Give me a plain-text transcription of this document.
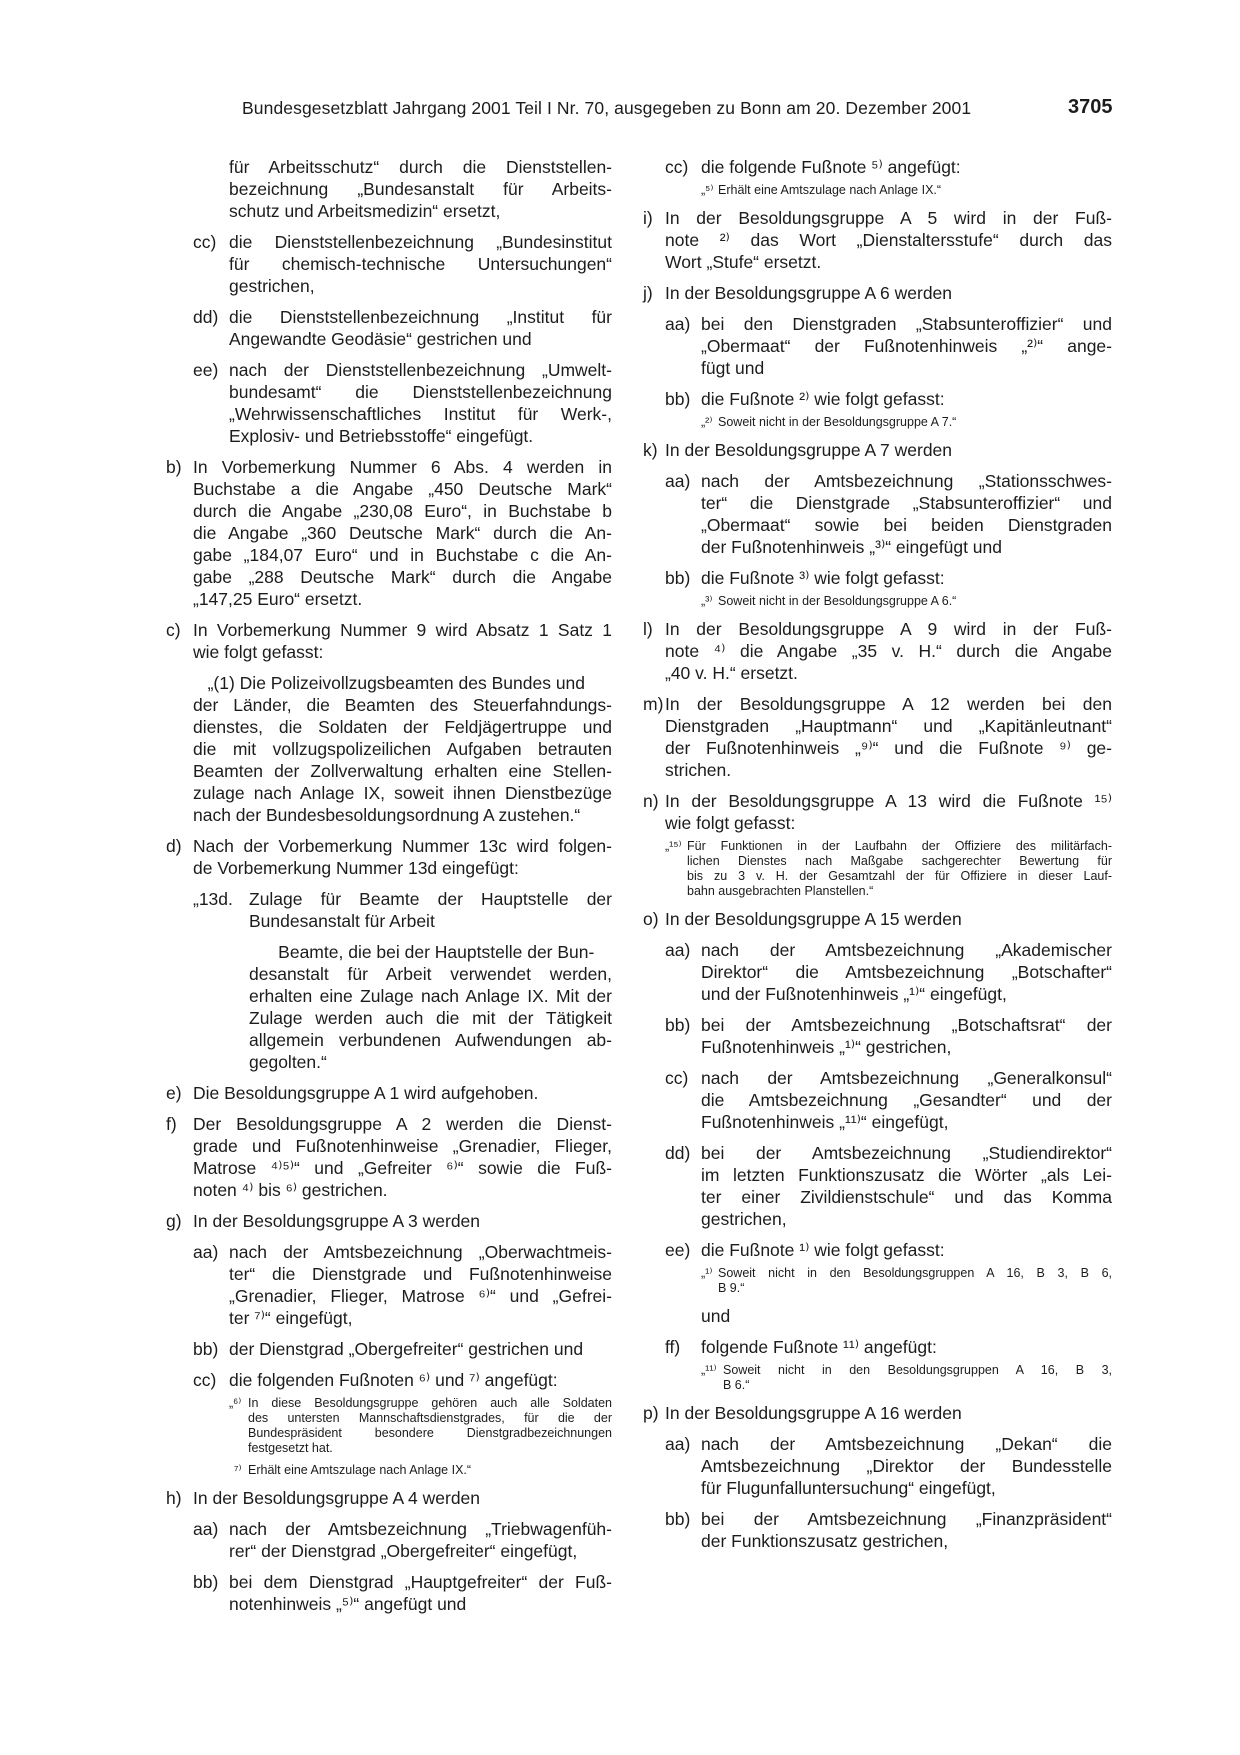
Bundesgesetzblatt Jahrgang 2001 Teil I Nr. 70, ausgegeben zu Bonn am 20. Dezember 2001	3705
für Arbeitsschutz“ durch die Dienststellen-
bezeichnung „Bundesanstalt für Arbeits-
schutz und Arbeitsmedizin“ ersetzt,
cc) die Dienststellenbezeichnung „Bundesinstitut
für chemisch-technische Untersuchungen“
gestrichen,
dd) die Dienststellenbezeichnung „Institut für
Angewandte Geodäsie“ gestrichen und
ee) nach der Dienststellenbezeichnung „Umwelt-
bundesamt“ die Dienststellenbezeichnung
„Wehrwissenschaftliches Institut für Werk-,
Explosiv- und Betriebsstoffe“ eingefügt.
b) In Vorbemerkung Nummer 6 Abs. 4 werden in
Buchstabe a die Angabe „450 Deutsche Mark“
durch die Angabe „230,08 Euro“, in Buchstabe b
die Angabe „360 Deutsche Mark“ durch die An-
gabe „184,07 Euro“ und in Buchstabe c die An-
gabe „288 Deutsche Mark“ durch die Angabe
„147,25 Euro“ ersetzt.
c) In Vorbemerkung Nummer 9 wird Absatz 1 Satz 1
wie folgt gefasst:
„(1) Die Polizeivollzugsbeamten des Bundes und
der Länder, die Beamten des Steuerfahndungs-
dienstes, die Soldaten der Feldjägertruppe und
die mit vollzugspolizeilichen Aufgaben betrauten
Beamten der Zollverwaltung erhalten eine Stellen-
zulage nach Anlage IX, soweit ihnen Dienstbezüge
nach der Bundesbesoldungsordnung A zustehen.“
d) Nach der Vorbemerkung Nummer 13c wird folgen-
de Vorbemerkung Nummer 13d eingefügt:
„13d. Zulage für Beamte der Hauptstelle der
Bundesanstalt für Arbeit
Beamte, die bei der Hauptstelle der Bun-
desanstalt für Arbeit verwendet werden,
erhalten eine Zulage nach Anlage IX. Mit der
Zulage werden auch die mit der Tätigkeit
allgemein verbundenen Aufwendungen ab-
gegolten.“
e) Die Besoldungsgruppe A 1 wird aufgehoben.
f) Der Besoldungsgruppe A 2 werden die Dienst-
grade und Fußnotenhinweise „Grenadier, Flieger,
Matrose ⁴⁾⁵⁾“ und „Gefreiter ⁶⁾“ sowie die Fuß-
noten ⁴⁾ bis ⁶⁾ gestrichen.
g) In der Besoldungsgruppe A 3 werden
aa) nach der Amtsbezeichnung „Oberwachtmeis-
ter“ die Dienstgrade und Fußnotenhinweise
„Grenadier, Flieger, Matrose ⁶⁾“ und „Gefrei-
ter ⁷⁾“ eingefügt,
bb) der Dienstgrad „Obergefreiter“ gestrichen und
cc) die folgenden Fußnoten ⁶⁾ und ⁷⁾ angefügt:
„⁶⁾ In diese Besoldungsgruppe gehören auch alle Soldaten
des untersten Mannschaftsdienstgrades, für die der
Bundespräsident besondere Dienstgradbezeichnungen
festgesetzt hat.
⁷⁾ Erhält eine Amtszulage nach Anlage IX.“
h) In der Besoldungsgruppe A 4 werden
aa) nach der Amtsbezeichnung „Triebwagenfüh-
rer“ der Dienstgrad „Obergefreiter“ eingefügt,
bb) bei dem Dienstgrad „Hauptgefreiter“ der Fuß-
notenhinweis „⁵⁾“ angefügt und
cc) die folgende Fußnote ⁵⁾ angefügt:
„⁵⁾ Erhält eine Amtszulage nach Anlage IX.“
i) In der Besoldungsgruppe A 5 wird in der Fuß-
note ²⁾ das Wort „Dienstaltersstufe“ durch das
Wort „Stufe“ ersetzt.
j) In der Besoldungsgruppe A 6 werden
aa) bei den Dienstgraden „Stabsunteroffizier“ und
„Obermaat“ der Fußnotenhinweis „²⁾“ ange-
fügt und
bb) die Fußnote ²⁾ wie folgt gefasst:
„²⁾ Soweit nicht in der Besoldungsgruppe A 7.“
k) In der Besoldungsgruppe A 7 werden
aa) nach der Amtsbezeichnung „Stationsschwes-
ter“ die Dienstgrade „Stabsunteroffizier“ und
„Obermaat“ sowie bei beiden Dienstgraden
der Fußnotenhinweis „³⁾“ eingefügt und
bb) die Fußnote ³⁾ wie folgt gefasst:
„³⁾ Soweit nicht in der Besoldungsgruppe A 6.“
l) In der Besoldungsgruppe A 9 wird in der Fuß-
note ⁴⁾ die Angabe „35 v. H.“ durch die Angabe
„40 v. H.“ ersetzt.
m) In der Besoldungsgruppe A 12 werden bei den
Dienstgraden „Hauptmann“ und „Kapitänleutnant“
der Fußnotenhinweis „⁹⁾“ und die Fußnote ⁹⁾ ge-
strichen.
n) In der Besoldungsgruppe A 13 wird die Fußnote ¹⁵⁾
wie folgt gefasst:
„¹⁵⁾ Für Funktionen in der Laufbahn der Offiziere des militärfach-
lichen Dienstes nach Maßgabe sachgerechter Bewertung für
bis zu 3 v. H. der Gesamtzahl der für Offiziere in dieser Lauf-
bahn ausgebrachten Planstellen.“
o) In der Besoldungsgruppe A 15 werden
aa) nach der Amtsbezeichnung „Akademischer
Direktor“ die Amtsbezeichnung „Botschafter“
und der Fußnotenhinweis „¹⁾“ eingefügt,
bb) bei der Amtsbezeichnung „Botschaftsrat“ der
Fußnotenhinweis „¹⁾“ gestrichen,
cc) nach der Amtsbezeichnung „Generalkonsul“
die Amtsbezeichnung „Gesandter“ und der
Fußnotenhinweis „¹¹⁾“ eingefügt,
dd) bei der Amtsbezeichnung „Studiendirektor“
im letzten Funktionszusatz die Wörter „als Lei-
ter einer Zivildienstschule“ und das Komma
gestrichen,
ee) die Fußnote ¹⁾ wie folgt gefasst:
„¹⁾ Soweit nicht in den Besoldungsgruppen A 16, B 3, B 6,
B 9.“
und
ff) folgende Fußnote ¹¹⁾ angefügt:
„¹¹⁾ Soweit nicht in den Besoldungsgruppen A 16, B 3,
B 6.“
p) In der Besoldungsgruppe A 16 werden
aa) nach der Amtsbezeichnung „Dekan“ die
Amtsbezeichnung „Direktor der Bundesstelle
für Flugunfalluntersuchung“ eingefügt,
bb) bei der Amtsbezeichnung „Finanzpräsident“
der Funktionszusatz gestrichen,
